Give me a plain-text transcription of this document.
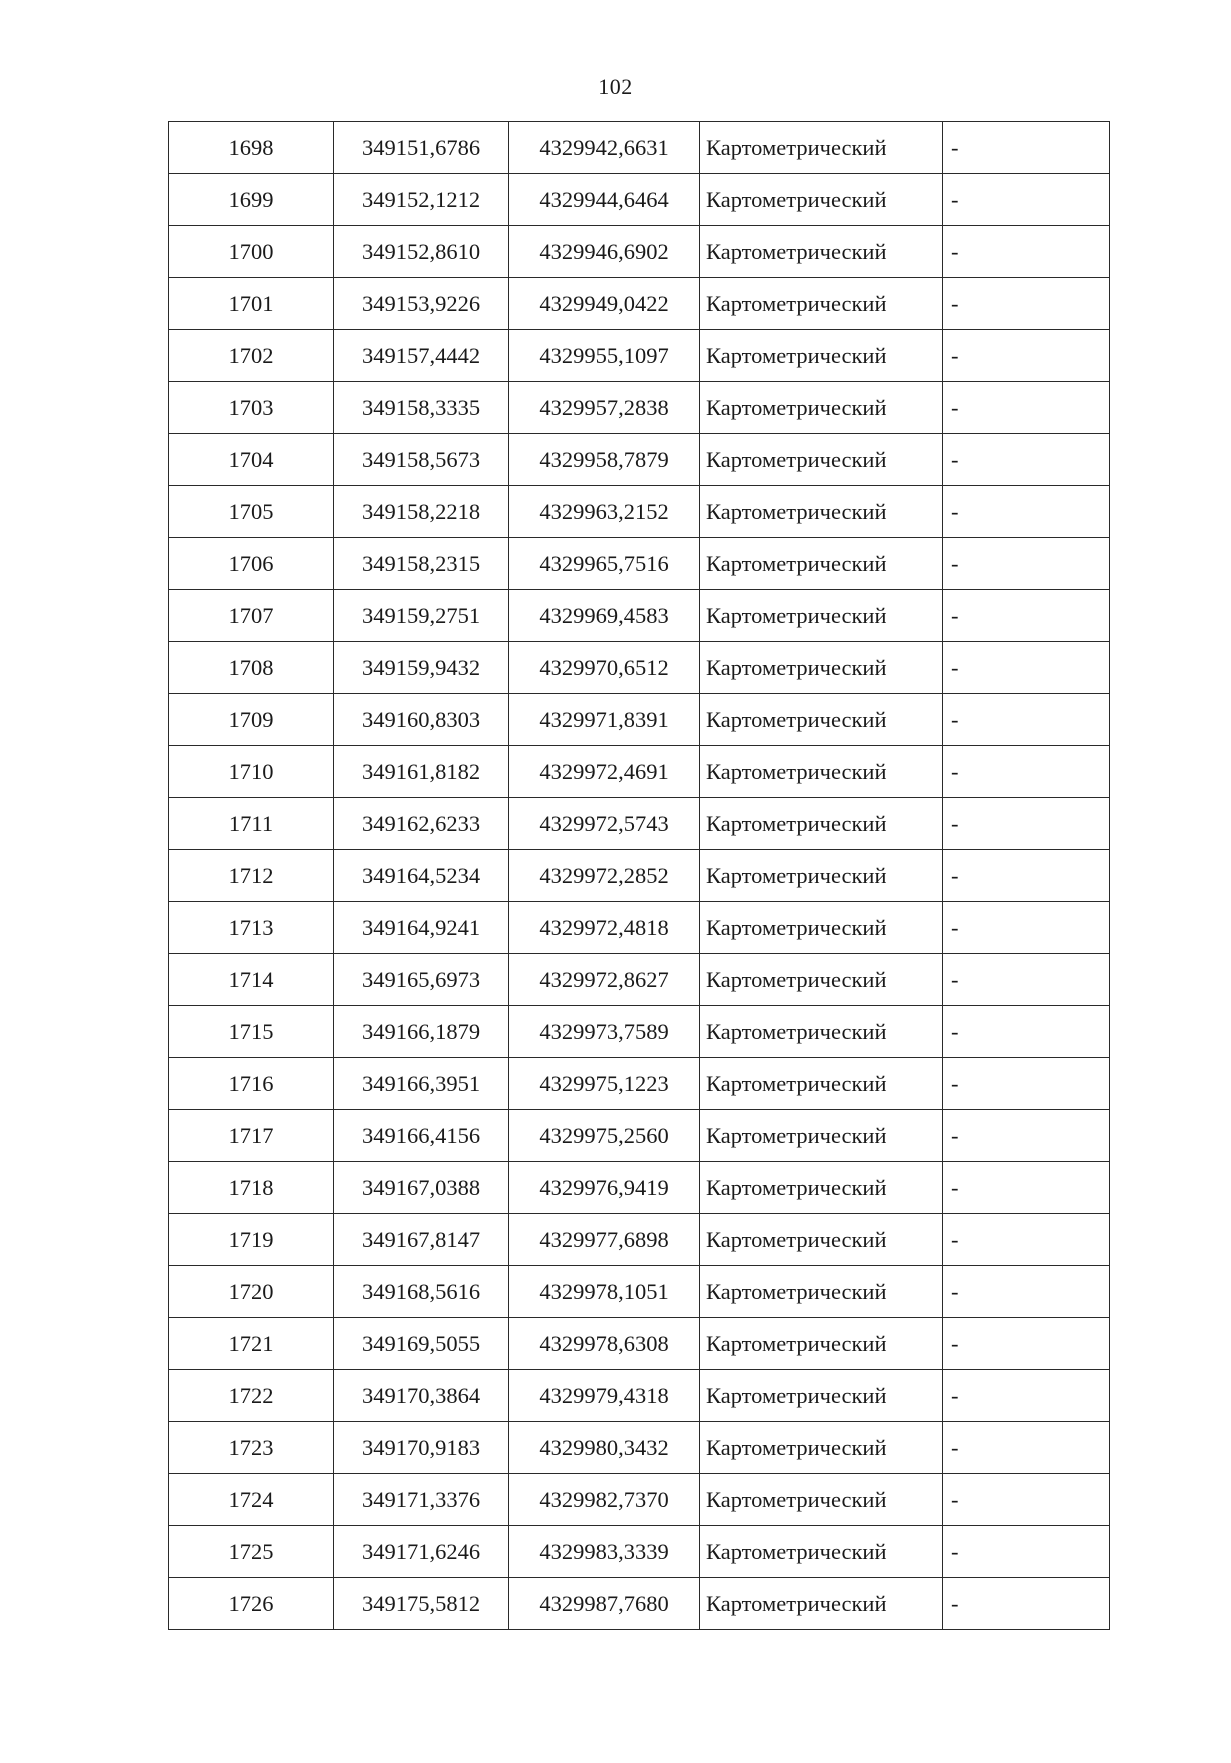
102
1698	349151,6786	4329942,6631	Картометрический	-
1699	349152,1212	4329944,6464	Картометрический	-
1700	349152,8610	4329946,6902	Картометрический	-
1701	349153,9226	4329949,0422	Картометрический	-
1702	349157,4442	4329955,1097	Картометрический	-
1703	349158,3335	4329957,2838	Картометрический	-
1704	349158,5673	4329958,7879	Картометрический	-
1705	349158,2218	4329963,2152	Картометрический	-
1706	349158,2315	4329965,7516	Картометрический	-
1707	349159,2751	4329969,4583	Картометрический	-
1708	349159,9432	4329970,6512	Картометрический	-
1709	349160,8303	4329971,8391	Картометрический	-
1710	349161,8182	4329972,4691	Картометрический	-
1711	349162,6233	4329972,5743	Картометрический	-
1712	349164,5234	4329972,2852	Картометрический	-
1713	349164,9241	4329972,4818	Картометрический	-
1714	349165,6973	4329972,8627	Картометрический	-
1715	349166,1879	4329973,7589	Картометрический	-
1716	349166,3951	4329975,1223	Картометрический	-
1717	349166,4156	4329975,2560	Картометрический	-
1718	349167,0388	4329976,9419	Картометрический	-
1719	349167,8147	4329977,6898	Картометрический	-
1720	349168,5616	4329978,1051	Картометрический	-
1721	349169,5055	4329978,6308	Картометрический	-
1722	349170,3864	4329979,4318	Картометрический	-
1723	349170,9183	4329980,3432	Картометрический	-
1724	349171,3376	4329982,7370	Картометрический	-
1725	349171,6246	4329983,3339	Картометрический	-
1726	349175,5812	4329987,7680	Картометрический	-
